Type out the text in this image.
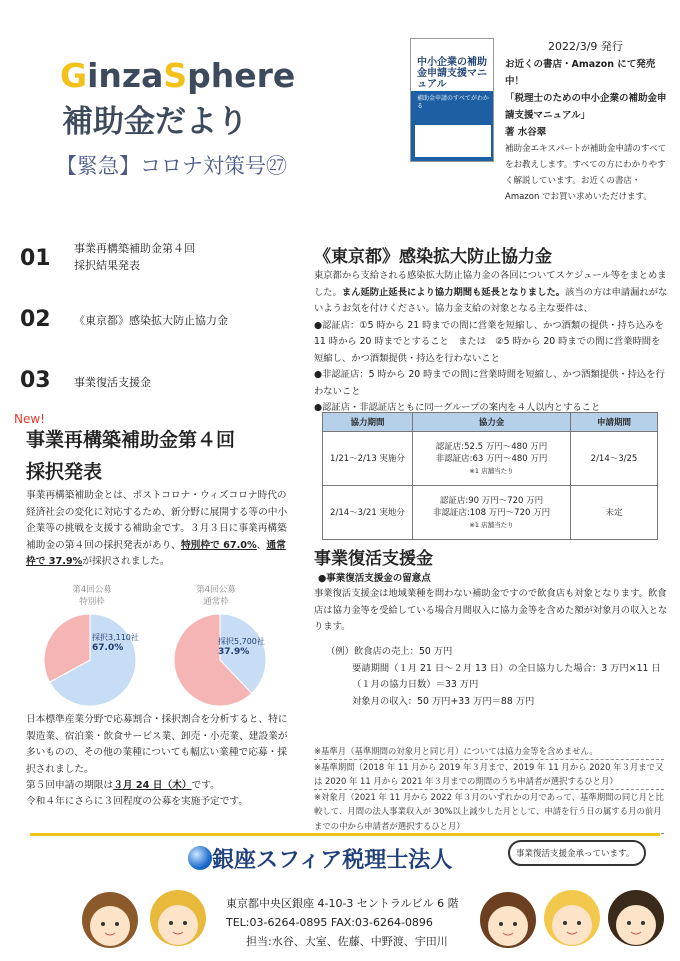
2022/3/9 発行
GinzaSphere
補助金だより
【緊急】コロナ対策号㉗
中小企業の補助金申請支援マニュアル
補助金申請のすべてがわかる
お近くの書店・Amazon にて発売中！
「税理士のための中小企業の補助金申請支援マニュアル」
著 水谷翠
補助金エキスパートが補助金申請のすべてをお教えします。すべての方にわかりやすく解説しています。お近くの書店・Amazon でお買い求めいただけます。
01 事業再構築補助金第４回
採択結果発表
02 《東京都》感染拡大防止協力金
03 事業復活支援金
New!
事業再構築補助金第４回
採択発表
事業再構築補助金とは、ポストコロナ・ウィズコロナ時代の経済社会の変化に対応するため、新分野に展開する等の中小企業等の挑戦を支援する補助金です。３月３日に事業再構築補助金の第４回の採択発表があり、特別枠で 67.0%、通常枠で 37.9%が採択されました。
第4回公募
特別枠
第4回公募
通常枠
採択3,110社
67.0%
採択5,700社
37.9%
日本標準産業分野で応募割合・採択割合を分析すると、特に製造業、宿泊業・飲食サービス業、卸売・小売業、建設業が多いものの、その他の業種についても幅広い業種で応募・採択されました。
第５回申請の期限は３月 24 日（木）です。
令和４年にさらに３回程度の公募を実施予定です。
《東京都》感染拡大防止協力金
東京都から支給される感染拡大防止協力金の各回についてスケジュール等をまとめました。まん延防止延長により協力期間も延長となりました。該当の方は申請漏れがないようお気を付けください。協力金支給の対象となる主な要件は、
●認証店：①5 時から 21 時までの間に営業を短縮し、かつ酒類の提供・持ち込みを 11 時から 20 時までとすること　または　②5 時から 20 時までの間に営業時間を短縮し、かつ酒類提供・持込を行わないこと
●非認証店：5 時から 20 時までの間に営業時間を短縮し、かつ酒類提供・持込を行わないこと
●認証店・非認証店ともに同一グループの案内を４人以内とすること
協力期間	協力金	申請期間
1/21～2/13 実施分	認証店:52.5 万円～480 万円
非認証店:63 万円～480 万円
※1 店舗当たり	2/14～3/25
2/14～3/21 実地分	認証店:90 万円～720 万円
非認証店:108 万円～720 万円
※1 店舗当たり	未定
事業復活支援金
●事業復活支援金の留意点
事業復活支援金は地域業種を問わない補助金ですので飲食店も対象となります。飲食店は協力金等を受給している場合月間収入に協力金等を含めた額が対象月の収入となります。
（例）飲食店の売上：50 万円
要請期間（１月 21 日～２月 13 日）の全日協力した場合：3 万円×11 日（１月の協力日数）＝33 万円
対象月の収入：50 万円+33 万円＝88 万円
※基準月（基準期間の対象月と同じ月）については協力金等を含めません。
※基準期間（2018 年 11 月から 2019 年３月まで、2019 年 11 月から 2020 年３月まで又は 2020 年 11 月から 2021 年３月までの期間のうち申請者が選択するひと月）
※対象月（2021 年 11 月から 2022 年３月のいずれかの月であって、基準期間の同じ月と比較して、月間の法人事業収入が 30%以上減少した月として、申請を行う日の属する月の前月までの中から申請者が選択するひと月）
銀座スフィア税理士法人	事業復活支援金承っています。
東京都中央区銀座 4-10-3 セントラルビル 6 階
TEL:03-6264-0895 FAX:03-6264-0896
担当:水谷、大室、佐藤、中野渡、宇田川
